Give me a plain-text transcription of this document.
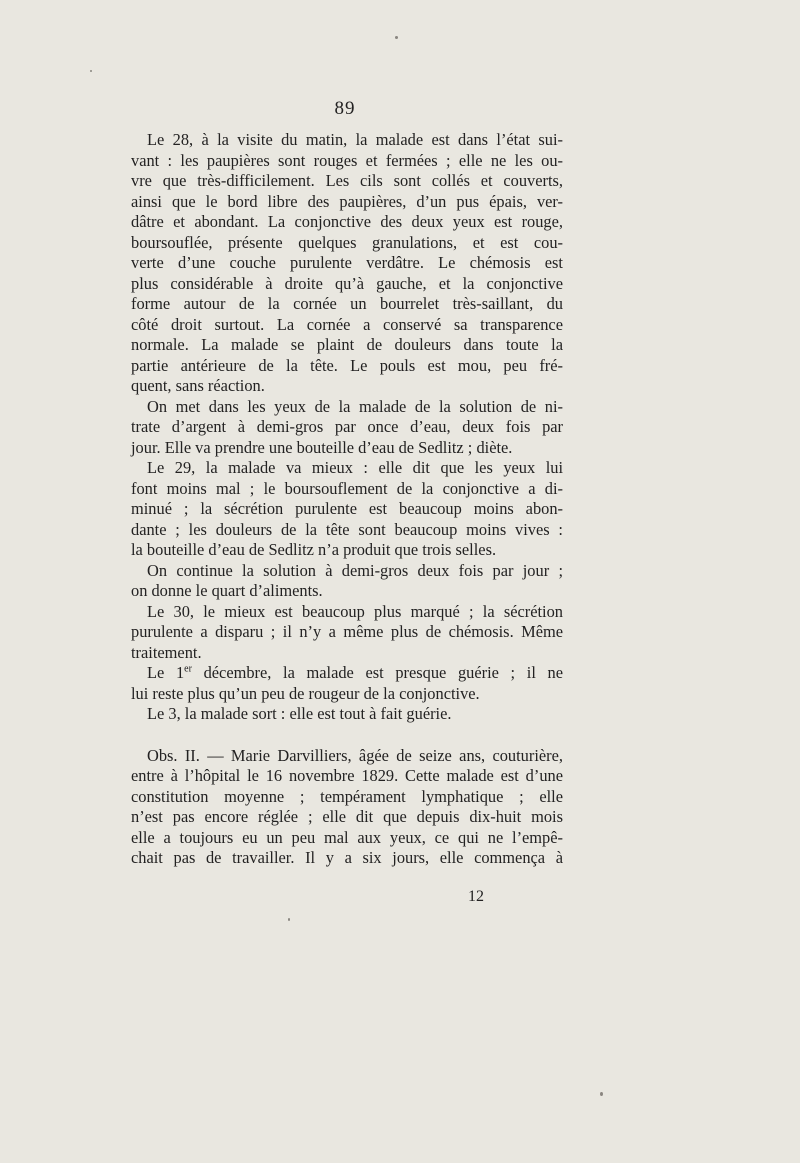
89
Le 28, à la visite du matin, la malade est dans l’état sui-
vant : les paupières sont rouges et fermées ; elle ne les ou-
vre que très-difficilement. Les cils sont collés et couverts,
ainsi que le bord libre des paupières, d’un pus épais, ver-
dâtre et abondant. La conjonctive des deux yeux est rouge,
boursouflée, présente quelques granulations, et est cou-
verte d’une couche purulente verdâtre. Le chémosis est
plus considérable à droite qu’à gauche, et la conjonctive
forme autour de la cornée un bourrelet très-saillant, du
côté droit surtout. La cornée a conservé sa transparence
normale. La malade se plaint de douleurs dans toute la
partie antérieure de la tête. Le pouls est mou, peu fré-
quent, sans réaction.
On met dans les yeux de la malade de la solution de ni-
trate d’argent à demi-gros par once d’eau, deux fois par
jour. Elle va prendre une bouteille d’eau de Sedlitz ; diète.
Le 29, la malade va mieux : elle dit que les yeux lui
font moins mal ; le boursouflement de la conjonctive a di-
minué ; la sécrétion purulente est beaucoup moins abon-
dante ; les douleurs de la tête sont beaucoup moins vives :
la bouteille d’eau de Sedlitz n’a produit que trois selles.
On continue la solution à demi-gros deux fois par jour ;
on donne le quart d’aliments.
Le 30, le mieux est beaucoup plus marqué ; la sécrétion
purulente a disparu ; il n’y a même plus de chémosis. Même
traitement.
Le 1er décembre, la malade est presque guérie ; il ne
lui reste plus qu’un peu de rougeur de la conjonctive.
Le 3, la malade sort : elle est tout à fait guérie.
Obs. II. — Marie Darvilliers, âgée de seize ans, couturière,
entre à l’hôpital le 16 novembre 1829. Cette malade est d’une
constitution moyenne ; tempérament lymphatique ; elle
n’est pas encore réglée ; elle dit que depuis dix-huit mois
elle a toujours eu un peu mal aux yeux, ce qui ne l’empê-
chait pas de travailler. Il y a six jours, elle commença à
12
